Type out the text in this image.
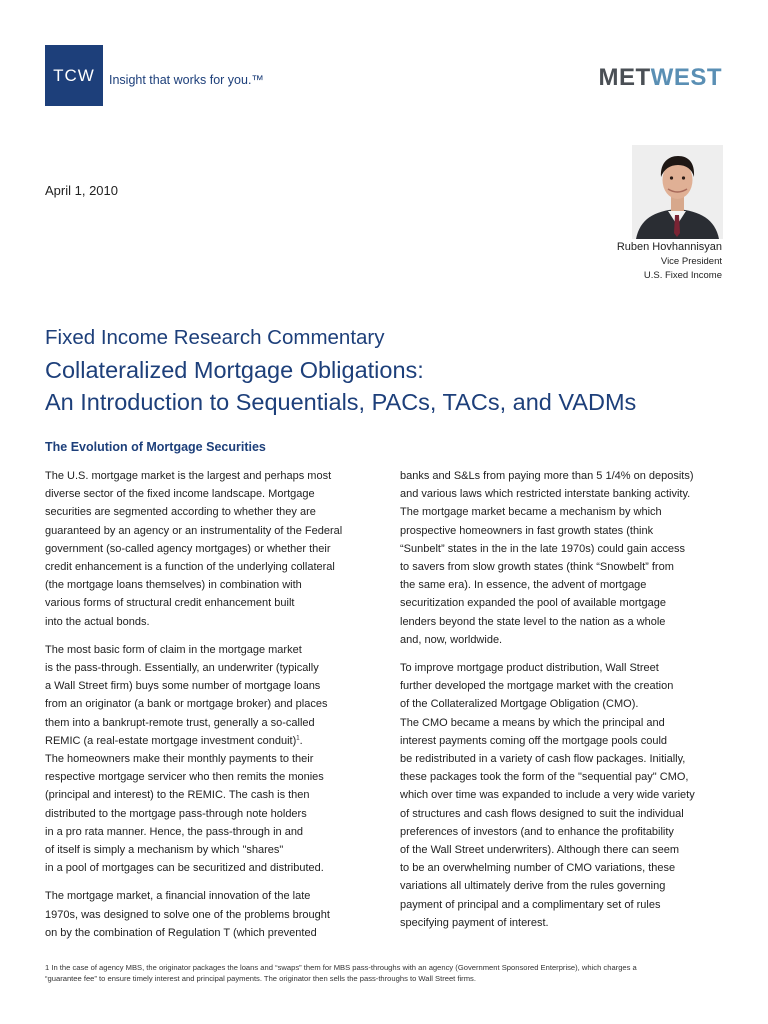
TCW Insight that works for you.™	METWEST
April 1, 2010
Ruben Hovhannisyan
Vice President
U.S. Fixed Income
Fixed Income Research Commentary
Collateralized Mortgage Obligations:
An Introduction to Sequentials, PACs, TACs, and VADMs
The Evolution of Mortgage Securities

The U.S. mortgage market is the largest and perhaps most
diverse sector of the fixed income landscape. Mortgage
securities are segmented according to whether they are
guaranteed by an agency or an instrumentality of the Federal
government (so-called agency mortgages) or whether their
credit enhancement is a function of the underlying collateral
(the mortgage loans themselves) in combination with
various forms of structural credit enhancement built
into the actual bonds.

The most basic form of claim in the mortgage market
is the pass-through. Essentially, an underwriter (typically
a Wall Street firm) buys some number of mortgage loans
from an originator (a bank or mortgage broker) and places
them into a bankrupt-remote trust, generally a so-called
REMIC (a real-estate mortgage investment conduit)$^1$.
The homeowners make their monthly payments to their
respective mortgage servicer who then remits the monies
(principal and interest) to the REMIC. The cash is then
distributed to the mortgage pass-through note holders
in a pro rata manner. Hence, the pass-through in and
of itself is simply a mechanism by which "shares"
in a pool of mortgages can be securitized and distributed.

The mortgage market, a financial innovation of the late
1970s, was designed to solve one of the problems brought
on by the combination of Regulation T (which prevented

banks and S&Ls from paying more than 5 1/4% on deposits)
and various laws which restricted interstate banking activity.
The mortgage market became a mechanism by which
prospective homeowners in fast growth states (think
“Sunbelt” states in the in the late 1970s) could gain access
to savers from slow growth states (think “Snowbelt” from
the same era). In essence, the advent of mortgage
securitization expanded the pool of available mortgage
lenders beyond the state level to the nation as a whole
and, now, worldwide.

To improve mortgage product distribution, Wall Street
further developed the mortgage market with the creation
of the Collateralized Mortgage Obligation (CMO).
The CMO became a means by which the principal and
interest payments coming off the mortgage pools could
be redistributed in a variety of cash flow packages. Initially,
these packages took the form of the "sequential pay" CMO,
which over time was expanded to include a very wide variety
of structures and cash flows designed to suit the individual
preferences of investors (and to enhance the profitability
of the Wall Street underwriters). Although there can seem
to be an overwhelming number of CMO variations, these
variations all ultimately derive from the rules governing
payment of principal and a complimentary set of rules
specifying payment of interest.

1 In the case of agency MBS, the originator packages the loans and “swaps” them for MBS pass-throughs with an agency (Government Sponsored Enterprise), which charges a
“guarantee fee” to ensure timely interest and principal payments. The originator then sells the pass-throughs to Wall Street firms.
